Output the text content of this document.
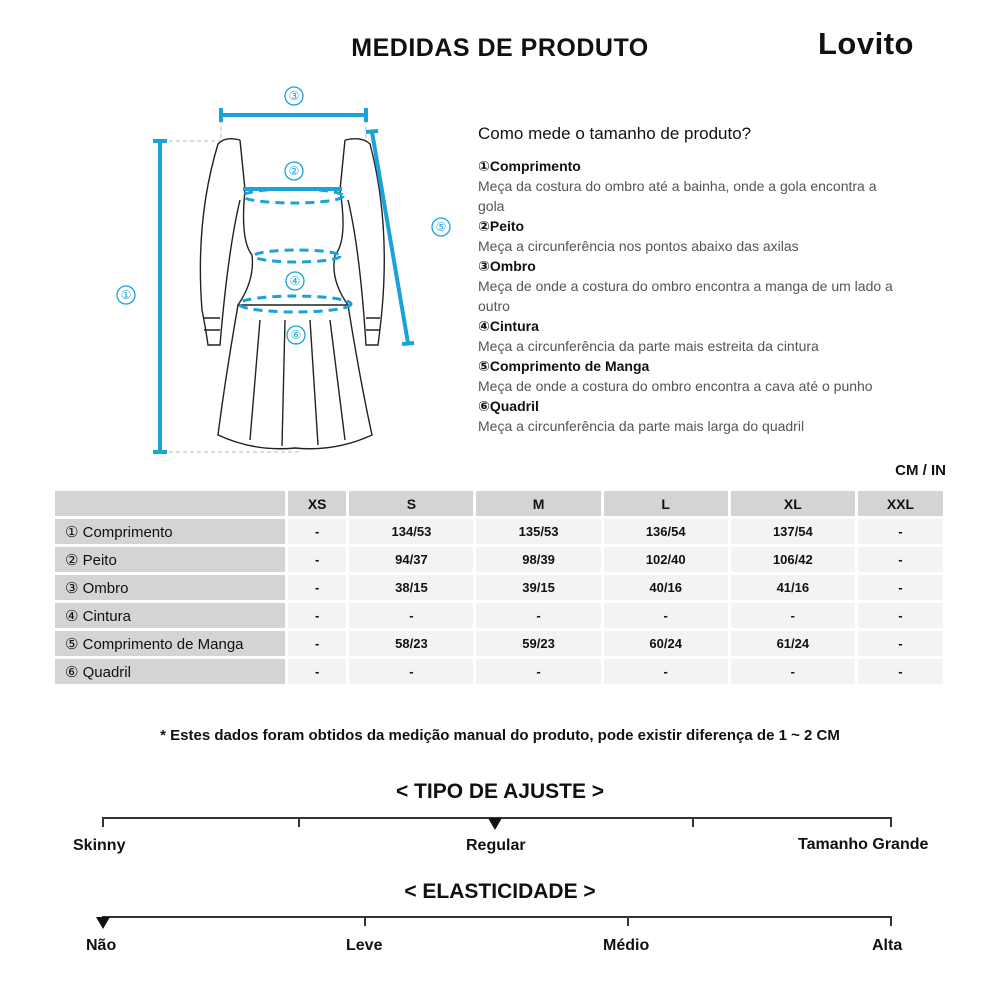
MEDIDAS DE PRODUTO	Lovito
③
①
⑤
②
④
⑥
Como mede o tamanho de produto?
①Comprimento
Meça da costura do ombro até a bainha, onde a gola encontra a gola
②Peito
Meça a circunferência nos pontos abaixo das axilas
③Ombro
Meça de onde a costura do ombro encontra a manga de um lado a outro
④Cintura
Meça a circunferência da parte mais estreita da cintura
⑤Comprimento de Manga
Meça de onde a costura do ombro encontra a cava até o punho
⑥Quadril
Meça a circunferência da parte mais larga do quadril
CM / IN
	XS	S	M	L	XL	XXL
① Comprimento	-	134/53	135/53	136/54	137/54	-
② Peito	-	94/37	98/39	102/40	106/42	-
③ Ombro	-	38/15	39/15	40/16	41/16	-
④ Cintura	-	-	-	-	-	-
⑤ Comprimento de Manga	-	58/23	59/23	60/24	61/24	-
⑥ Quadril	-	-	-	-	-	-
* Estes dados foram obtidos da medição manual do produto, pode existir diferença de 1 ~ 2 CM
< TIPO DE AJUSTE >
Skinny	Regular	Tamanho Grande
< ELASTICIDADE >
Não	Leve	Médio	Alta
